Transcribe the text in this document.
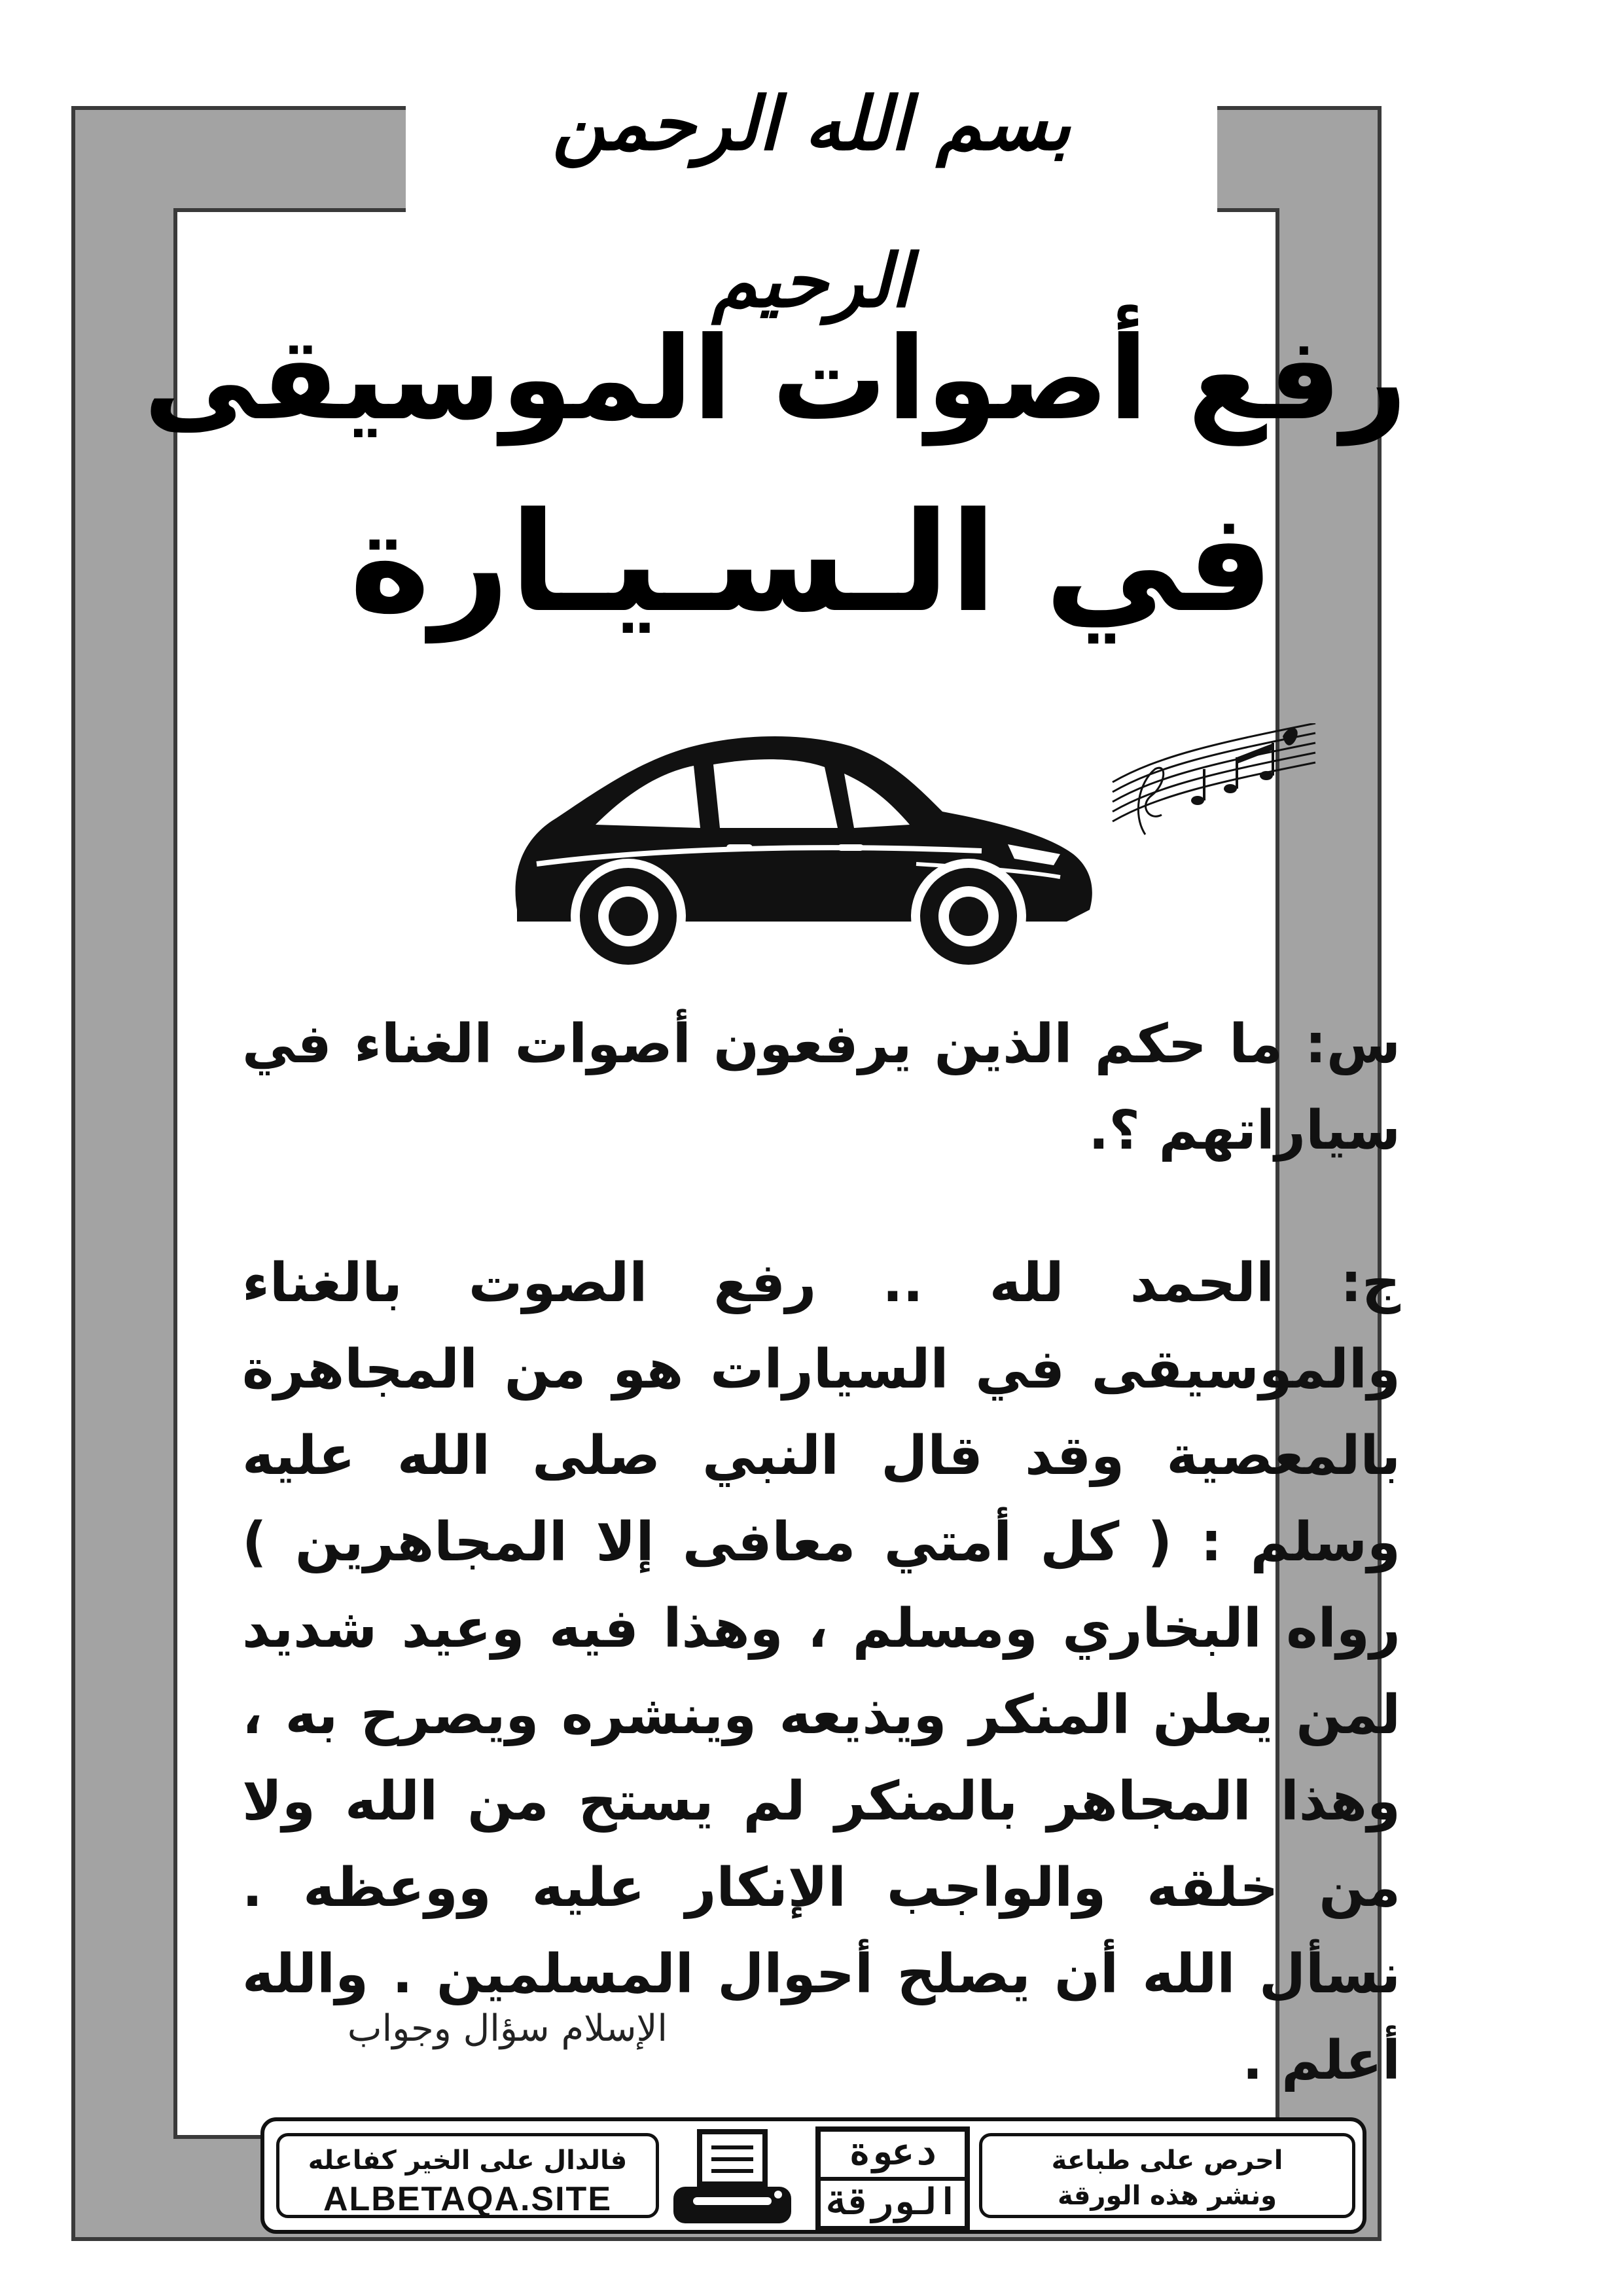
بسم الله الرحمن الرحيم
رفع أصوات الموسيقى
في الـسـيـارة
س: ما حكم الذين يرفعون أصوات الغناء في سياراتهم ؟.
ج: الحمد لله .. رفع الصوت بالغناء والموسيقى في السيارات هو من المجاهرة بالمعصية وقد قال النبي صلى الله عليه وسلم : ( كل أمتي معافى إلا المجاهرين ) رواه البخاري ومسلم ، وهذا فيه وعيد شديد لمن يعلن المنكر ويذيعه وينشره ويصرح به ، وهذا المجاهر بالمنكر لم يستح من الله ولا من خلقه والواجب الإنكار عليه ووعظه . نسأل الله أن يصلح أحوال المسلمين . والله أعلم .
الإسلام سؤال وجواب
احرص على طباعة
ونشر هذه الورقة
دعوة
الورقة
فالدال على الخير كفاعله
ALBETAQA.SITE
